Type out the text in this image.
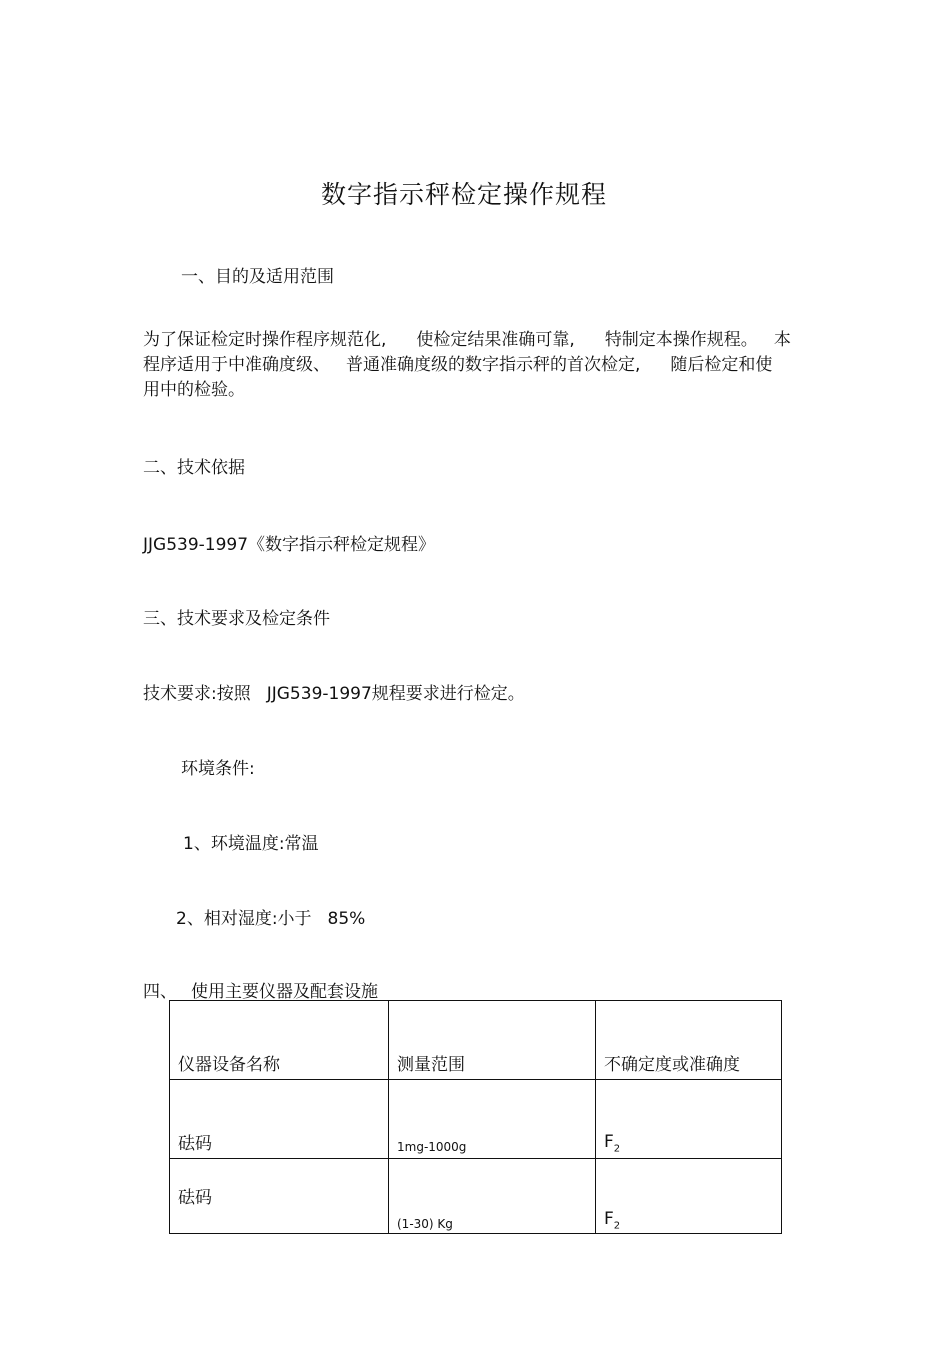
数字指示秤检定操作规程
一、目的及适用范围
为了保证检定时操作程序规范化, 使检定结果准确可靠, 特制定本操作规程。 本
程序适用于中准确度级、 普通准确度级的数字指示秤的首次检定, 随后检定和使
用中的检验。
二、技术依据
JJG539-1997《数字指示秤检定规程》
三、技术要求及检定条件
技术要求:按照 JJG539-1997规程要求进行检定。
环境条件:
1、环境温度:常温
2、相对湿度:小于 85%
四、 使用主要仪器及配套设施
仪器设备名称	测量范围	不确定度或准确度
砝码	1mg-1000g	$F_2$
砝码	(1-30) Kg	$F_2$
